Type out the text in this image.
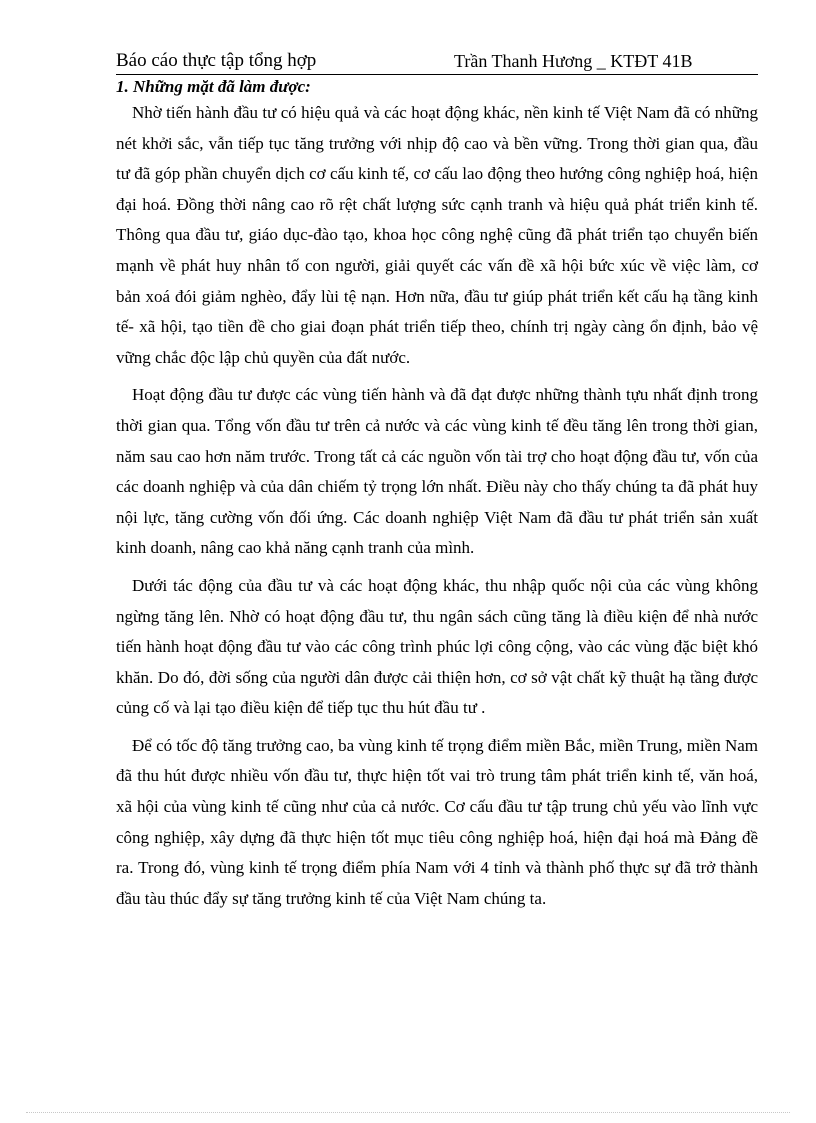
Báo cáo thực tập tổng hợp	Trần Thanh Hương _ KTĐT 41B
1. Những mặt đã làm được:

Nhờ tiến hành đầu tư có hiệu quả và các hoạt động khác, nền kinh tế Việt Nam đã có những nét khởi sắc, vẫn tiếp tục tăng trưởng với nhịp độ cao và bền vững. Trong thời gian qua, đầu tư đã góp phần chuyển dịch cơ cấu kinh tế, cơ cấu lao động theo hướng công nghiệp hoá, hiện đại hoá. Đồng thời nâng cao rõ rệt chất lượng sức cạnh tranh và hiệu quả phát triển kinh tế. Thông qua đầu tư, giáo dục-đào tạo, khoa học công nghệ cũng đã phát triển tạo chuyển biến mạnh về phát huy nhân tố con người, giải quyết các vấn đề xã hội bức xúc về việc làm, cơ bản xoá đói giảm nghèo, đẩy lùi tệ nạn. Hơn nữa, đầu tư giúp phát triển kết cấu hạ tầng kinh tế- xã hội, tạo tiền đề cho giai đoạn phát triển tiếp theo, chính trị ngày càng ổn định, bảo vệ vững chắc độc lập chủ quyền của đất nước.

Hoạt động đầu tư được các vùng tiến hành và đã đạt được những thành tựu nhất định trong thời gian qua. Tổng vốn đầu tư trên cả nước và các vùng kinh tế đều tăng lên trong thời gian, năm sau cao hơn năm trước. Trong tất cả các nguồn vốn tài trợ cho hoạt động đầu tư, vốn của các doanh nghiệp và của dân chiếm tỷ trọng lớn nhất. Điều này cho thấy chúng ta đã phát huy nội lực, tăng cường vốn đối ứng. Các doanh nghiệp Việt Nam đã đầu tư phát triển sản xuất kinh doanh, nâng cao khả năng cạnh tranh của mình.

Dưới tác động của đầu tư và các hoạt động khác, thu nhập quốc nội của các vùng không ngừng tăng lên. Nhờ có hoạt động đầu tư, thu ngân sách cũng tăng là điều kiện để nhà nước tiến hành hoạt động đầu tư vào các công trình phúc lợi công cộng, vào các vùng đặc biệt khó khăn. Do đó, đời sống của người dân được cải thiện hơn, cơ sở vật chất kỹ thuật hạ tầng được củng cố và lại tạo điều kiện để tiếp tục thu hút đầu tư .

Để có tốc độ tăng trưởng cao, ba vùng kinh tế trọng điểm miền Bắc, miền Trung, miền Nam đã thu hút được nhiều vốn đầu tư, thực hiện tốt vai trò trung tâm phát triển kinh tế, văn hoá, xã hội của vùng kinh tế cũng như của cả nước. Cơ cấu đầu tư tập trung chủ yếu vào lĩnh vực công nghiệp, xây dựng đã thực hiện tốt mục tiêu công nghiệp hoá, hiện đại hoá mà Đảng đề ra. Trong đó, vùng kinh tế trọng điểm phía Nam với 4 tỉnh và thành phố thực sự đã trở thành đầu tàu thúc đẩy sự tăng trưởng kinh tế của Việt Nam chúng ta.
